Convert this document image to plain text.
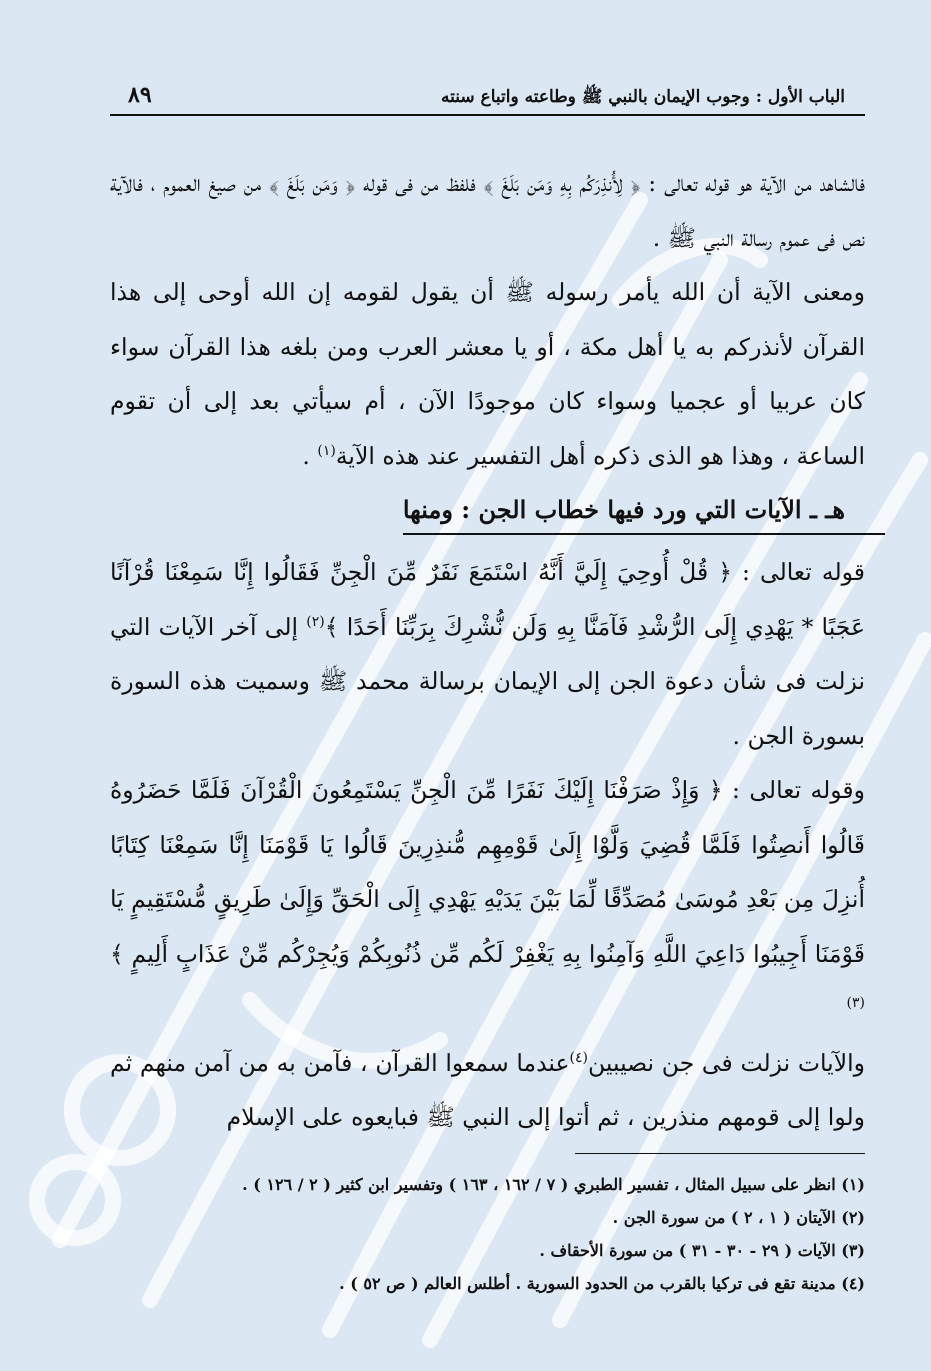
الباب الأول : وجوب الإيمان بالنبي ﷺ وطاعته واتباع سنته
٨٩

فالشاهد من الآية هو قوله تعالى : ﴿ لِأُنذِرَكُم بِهِ وَمَن بَلَغَ ﴾ فلفظ من فى قوله ﴿ وَمَن بَلَغَ ﴾ من صيغ العموم ، فالآية نص فى عموم رسالة النبي ﷺ .

ومعنى الآية أن الله يأمر رسوله ﷺ أن يقول لقومه إن الله أوحى إلى هذا القرآن لأنذركم به يا أهل مكة ، أو يا معشر العرب ومن بلغه هذا القرآن سواء كان عربيا أو عجميا وسواء كان موجودًا الآن ، أم سيأتي بعد إلى أن تقوم الساعة ، وهذا هو الذى ذكره أهل التفسير عند هذه الآية$^{(١)}$ .

هـ ـ الآيات التي ورد فيها خطاب الجن : ومنها

قوله تعالى : ﴿ قُلْ أُوحِيَ إِلَيَّ أَنَّهُ اسْتَمَعَ نَفَرٌ مِّنَ الْجِنِّ فَقَالُوا إِنَّا سَمِعْنَا قُرْآنًا عَجَبًا * يَهْدِي إِلَى الرُّشْدِ فَآمَنَّا بِهِ وَلَن نُّشْرِكَ بِرَبِّنَا أَحَدًا ﴾$^{(٢)}$ إلى آخر الآيات التي نزلت فى شأن دعوة الجن إلى الإيمان برسالة محمد ﷺ وسميت هذه السورة بسورة الجن .

وقوله تعالى : ﴿ وَإِذْ صَرَفْنَا إِلَيْكَ نَفَرًا مِّنَ الْجِنِّ يَسْتَمِعُونَ الْقُرْآنَ فَلَمَّا حَضَرُوهُ قَالُوا أَنصِتُوا فَلَمَّا قُضِيَ وَلَّوْا إِلَىٰ قَوْمِهِم مُّنذِرِينَ قَالُوا يَا قَوْمَنَا إِنَّا سَمِعْنَا كِتَابًا أُنزِلَ مِن بَعْدِ مُوسَىٰ مُصَدِّقًا لِّمَا بَيْنَ يَدَيْهِ يَهْدِي إِلَى الْحَقِّ وَإِلَىٰ طَرِيقٍ مُّسْتَقِيمٍ يَا قَوْمَنَا أَجِيبُوا دَاعِيَ اللَّهِ وَآمِنُوا بِهِ يَغْفِرْ لَكُم مِّن ذُنُوبِكُمْ وَيُجِرْكُم مِّنْ عَذَابٍ أَلِيمٍ ﴾$^{(٣)}$

والآيات نزلت فى جن نصيبين$^{(٤)}$عندما سمعوا القرآن ، فآمن به من آمن منهم ثم ولوا إلى قومهم منذرين ، ثم أتوا إلى النبي ﷺ فبايعوه على الإسلام

(١) انظر على سبيل المثال ، تفسير الطبري ( ٧ / ١٦٢ ، ١٦٣ ) وتفسير ابن كثير ( ٢ / ١٢٦ ) .

(٢) الآيتان ( ١ ، ٢ ) من سورة الجن .

(٣) الآيات ( ٢٩ - ٣٠ - ٣١ ) من سورة الأحقاف .

(٤) مدينة تقع فى تركيا بالقرب من الحدود السورية . أطلس العالم ( ص ٥٢ ) .
